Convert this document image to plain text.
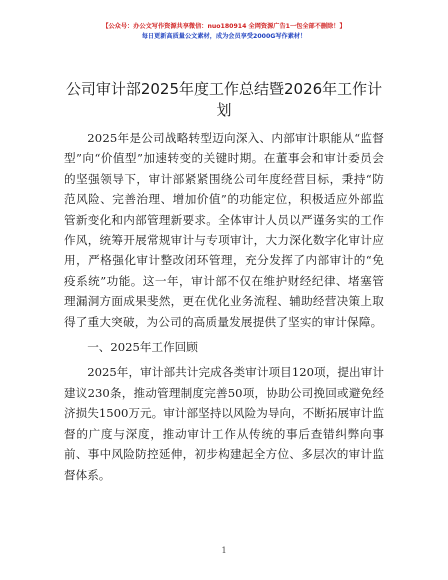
【公众号：办公文写作资源共享微信：nuo180914 全网资源广告1一包全部不删除！】
每日更新高质量公文素材，成为会员享受2000G写作素材！
公司审计部2025年度工作总结暨2026年工作计划

2025年是公司战略转型迈向深入、内部审计职能从“监督型”向“价值型”加速转变的关键时期。在董事会和审计委员会的坚强领导下，审计部紧紧围绕公司年度经营目标，秉持“防范风险、完善治理、增加价值”的功能定位，积极适应外部监管新变化和内部管理新要求。全体审计人员以严谨务实的工作作风，统筹开展常规审计与专项审计，大力深化数字化审计应用，严格强化审计整改闭环管理，充分发挥了内部审计的“免疫系统”功能。这一年，审计部不仅在维护财经纪律、堵塞管理漏洞方面成果斐然，更在优化业务流程、辅助经营决策上取得了重大突破，为公司的高质量发展提供了坚实的审计保障。

一、2025年工作回顾

2025年，审计部共计完成各类审计项目120项，提出审计建议230条，推动管理制度完善50项，协助公司挽回或避免经济损失1500万元。审计部坚持以风险为导向，不断拓展审计监督的广度与深度，推动审计工作从传统的事后查错纠弊向事前、事中风险防控延伸，初步构建起全方位、多层次的审计监督体系。

1
